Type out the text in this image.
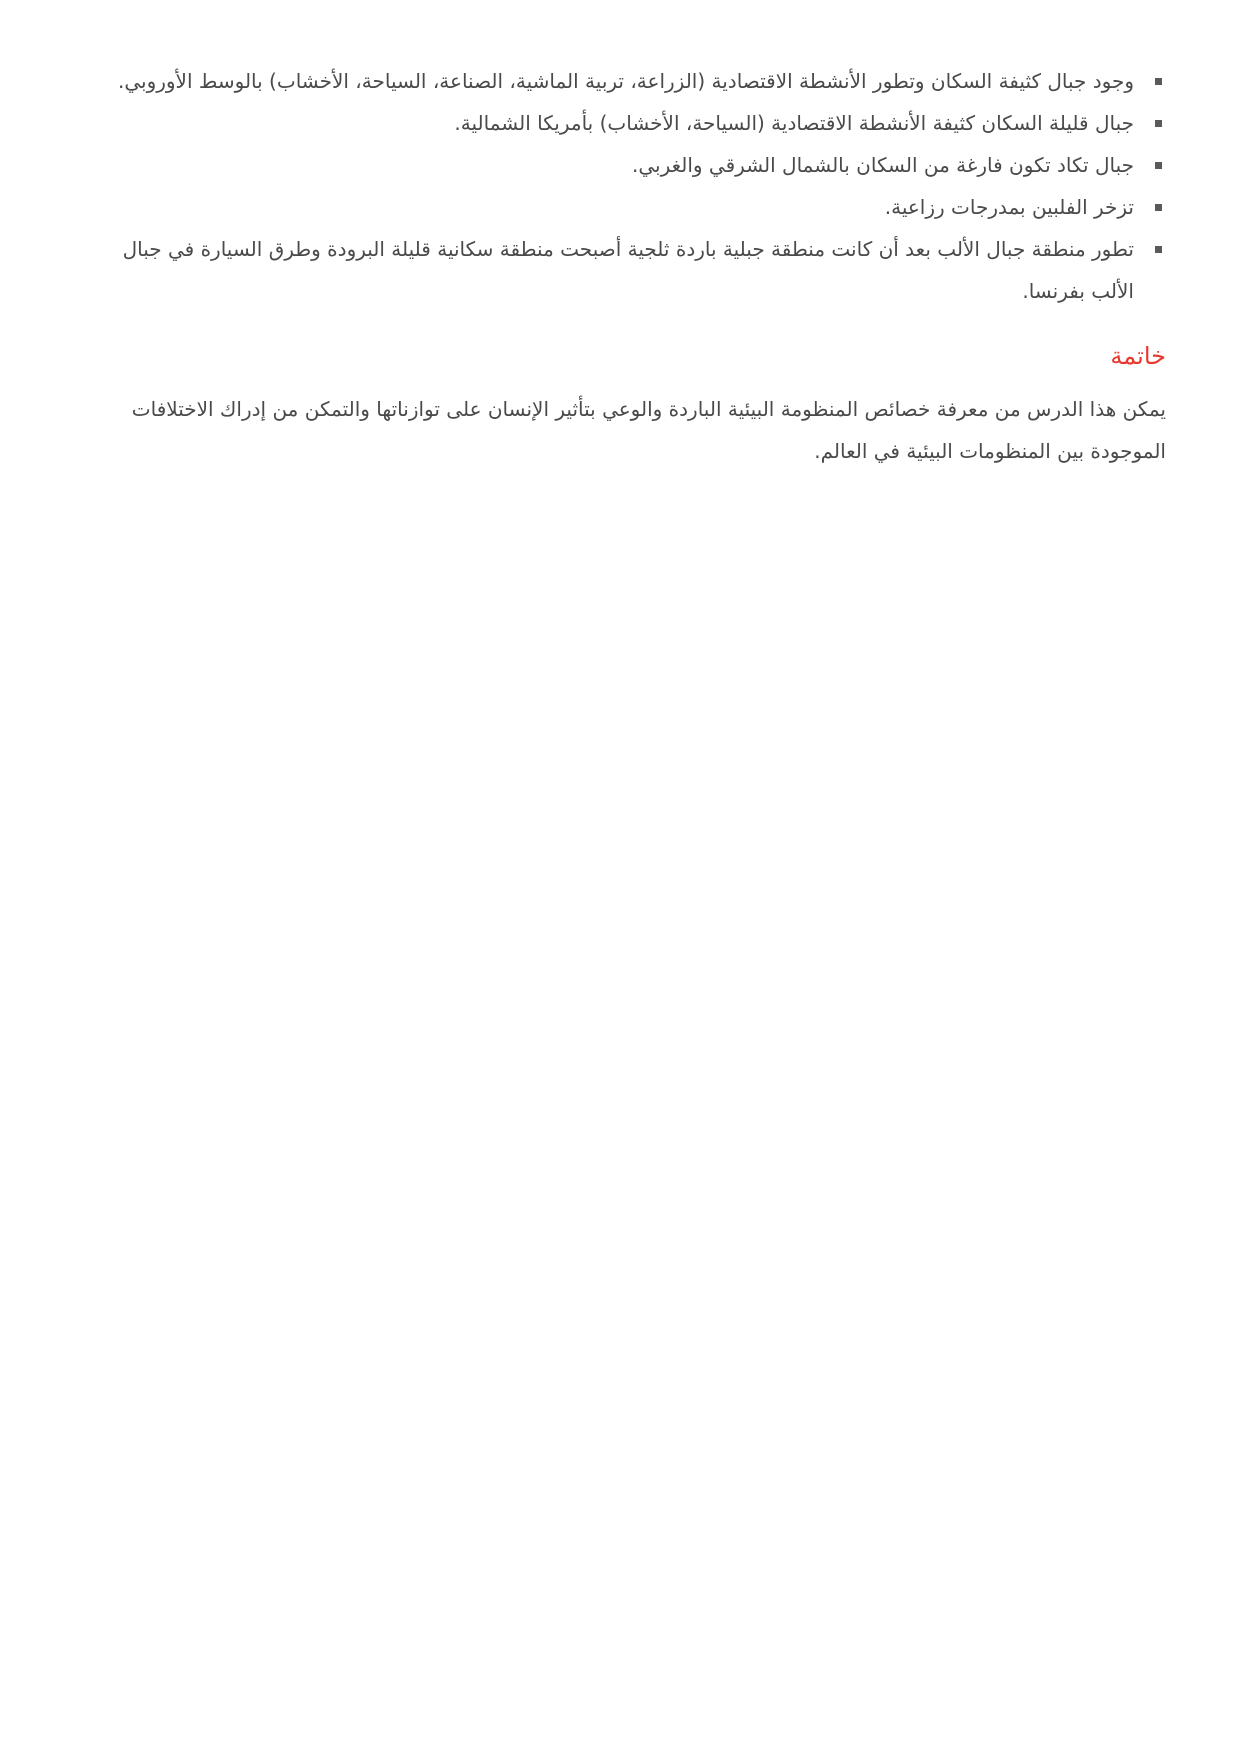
وجود جبال كثيفة السكان وتطور الأنشطة الاقتصادية (الزراعة، تربية الماشية، الصناعة، السياحة، الأخشاب) بالوسط الأوروبي.
جبال قليلة السكان كثيفة الأنشطة الاقتصادية (السياحة، الأخشاب) بأمريكا الشمالية.
جبال تكاد تكون فارغة من السكان بالشمال الشرقي والغربي.
تزخر الفلبين بمدرجات رزاعية.
تطور منطقة جبال الألب بعد أن كانت منطقة جبلية باردة ثلجية أصبحت منطقة سكانية قليلة البرودة وطرق السيارة في جبال الألب بفرنسا.
خاتمة

يمكن هذا الدرس من معرفة خصائص المنظومة البيئية الباردة والوعي بتأثير الإنسان على توازناتها والتمكن من إدراك الاختلافات الموجودة بين المنظومات البيئية في العالم.
